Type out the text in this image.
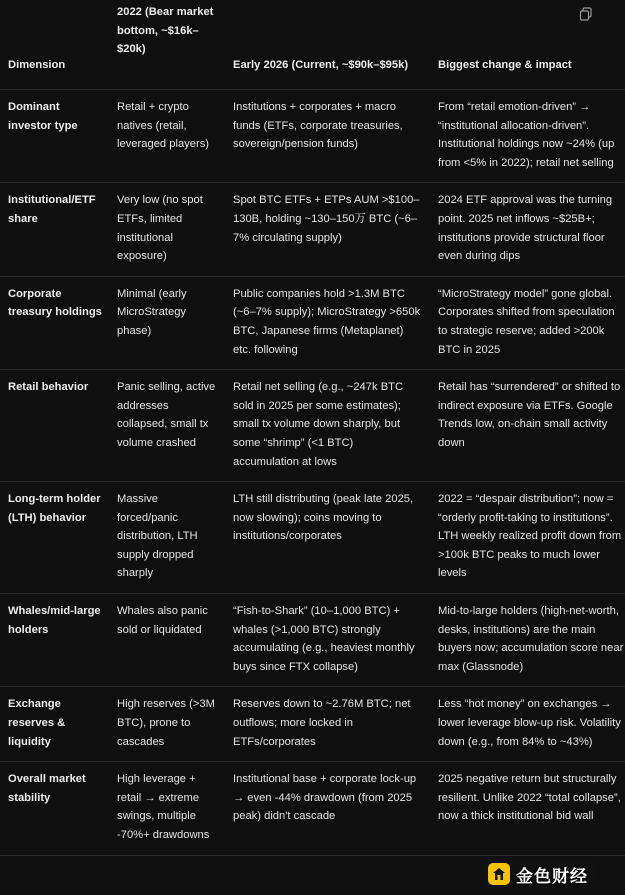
Dimension	2022 (Bear market bottom, ~$16k–$20k)	Early 2026 (Current, ~$90k–$95k)	Biggest change & impact

Dominant investor type	Retail + crypto natives (retail, leveraged players)	Institutions + corporates + macro funds (ETFs, corporate treasuries, sovereign/pension funds)	From “retail emotion-driven” → “institutional allocation-driven”. Institutional holdings now ~24% (up from <5% in 2022); retail net selling

Institutional/ETF share	Very low (no spot ETFs, limited institutional exposure)	Spot BTC ETFs + ETPs AUM >$100–130B, holding ~130–150万 BTC (~6–7% circulating supply)	2024 ETF approval was the turning point. 2025 net inflows ~$25B+; institutions provide structural floor even during dips

Corporate treasury holdings	Minimal (early MicroStrategy phase)	Public companies hold >1.3M BTC (~6–7% supply); MicroStrategy >650k BTC, Japanese firms (Metaplanet) etc. following	“MicroStrategy model” gone global. Corporates shifted from speculation to strategic reserve; added >200k BTC in 2025

Retail behavior	Panic selling, active addresses collapsed, small tx volume crashed	Retail net selling (e.g., ~247k BTC sold in 2025 per some estimates); small tx volume down sharply, but some “shrimp” (<1 BTC) accumulation at lows	Retail has “surrendered” or shifted to indirect exposure via ETFs. Google Trends low, on-chain small activity down

Long-term holder (LTH) behavior	Massive forced/panic distribution, LTH supply dropped sharply	LTH still distributing (peak late 2025, now slowing); coins moving to institutions/corporates	2022 = “despair distribution”; now = “orderly profit-taking to institutions”. LTH weekly realized profit down from >100k BTC peaks to much lower levels

Whales/mid-large holders	Whales also panic sold or liquidated	“Fish-to-Shark” (10–1,000 BTC) + whales (>1,000 BTC) strongly accumulating (e.g., heaviest monthly buys since FTX collapse)	Mid-to-large holders (high-net-worth, desks, institutions) are the main buyers now; accumulation score near max (Glassnode)

Exchange reserves & liquidity	High reserves (>3M BTC), prone to cascades	Reserves down to ~2.76M BTC; net outflows; more locked in ETFs/corporates	Less “hot money” on exchanges → lower leverage blow-up risk. Volatility down (e.g., from 84% to ~43%)

Overall market stability	High leverage + retail → extreme swings, multiple -70%+ drawdowns	Institutional base + corporate lock-up → even -44% drawdown (from 2025 peak) didn't cascade	2025 negative return but structurally resilient. Unlike 2022 “total collapse”, now a thick institutional bid wall
金色财经
